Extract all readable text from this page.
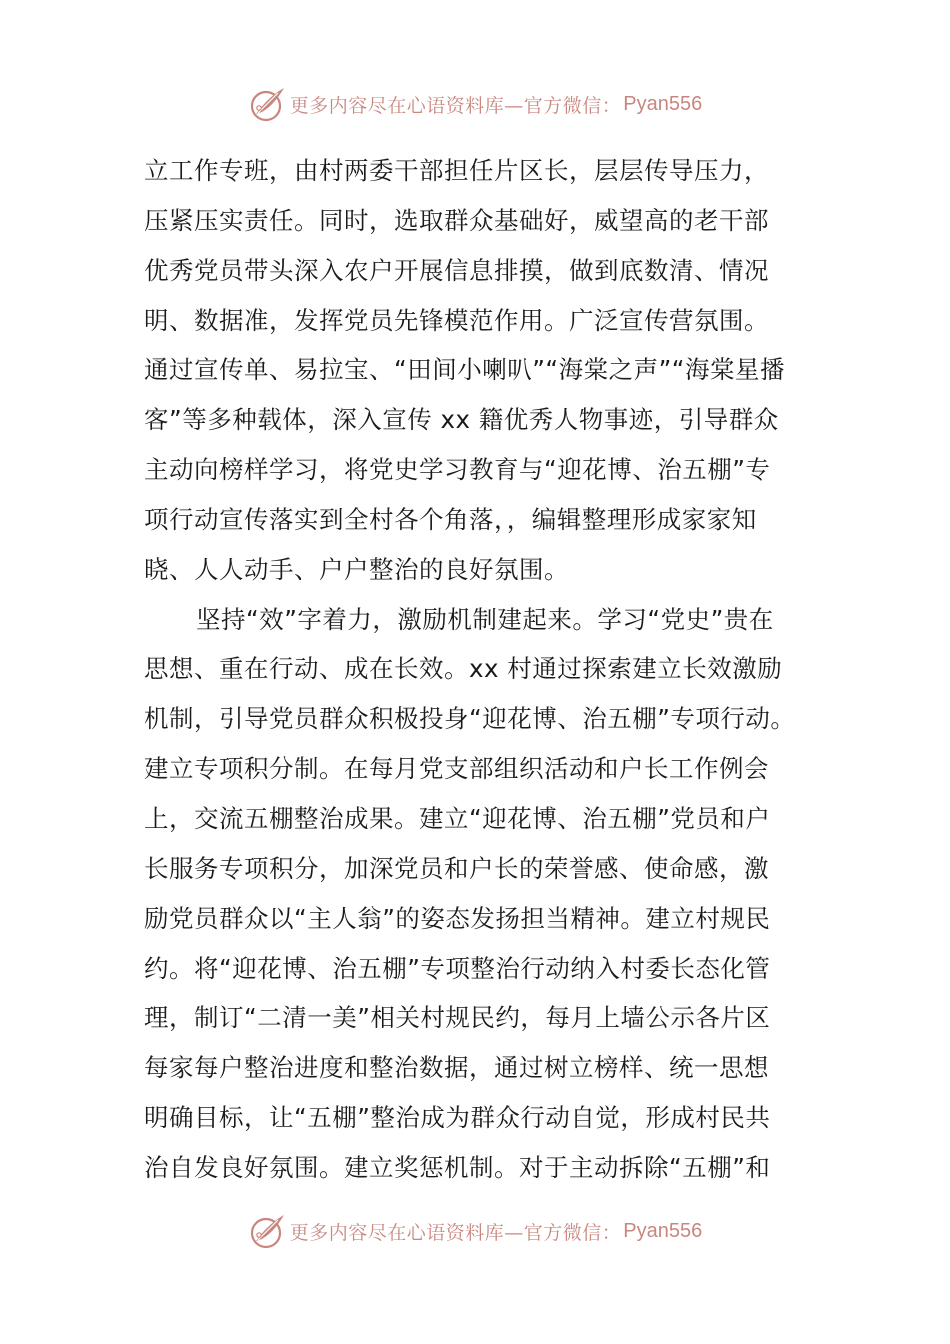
更多内容尽在心语资料库—官方微信： Pyan556
立工作专班，由村两委干部担任片区长，层层传导压力，
压紧压实责任。同时，选取群众基础好，威望高的老干部
优秀党员带头深入农户开展信息排摸，做到底数清、情况
明、数据准，发挥党员先锋模范作用。广泛宣传营氛围。
通过宣传单、易拉宝、“田间小喇叭”“海棠之声”“海棠星播
客”等多种载体，深入宣传 xx 籍优秀人物事迹，引导群众
主动向榜样学习，将党史学习教育与“迎花博、治五棚”专
项行动宣传落实到全村各个角落，，编辑整理形成家家知
晓、人人动手、户户整治的良好氛围。
坚持“效”字着力，激励机制建起来。学习“党史”贵在
思想、重在行动、成在长效。xx 村通过探索建立长效激励
机制，引导党员群众积极投身“迎花博、治五棚”专项行动。
建立专项积分制。在每月党支部组织活动和户长工作例会
上，交流五棚整治成果。建立“迎花博、治五棚”党员和户
长服务专项积分，加深党员和户长的荣誉感、使命感，激
励党员群众以“主人翁”的姿态发扬担当精神。建立村规民
约。将“迎花博、治五棚”专项整治行动纳入村委长态化管
理，制订“二清一美”相关村规民约，每月上墙公示各片区
每家每户整治进度和整治数据，通过树立榜样、统一思想
明确目标，让“五棚”整治成为群众行动自觉，形成村民共
治自发良好氛围。建立奖惩机制。对于主动拆除“五棚”和
更多内容尽在心语资料库—官方微信： Pyan556
